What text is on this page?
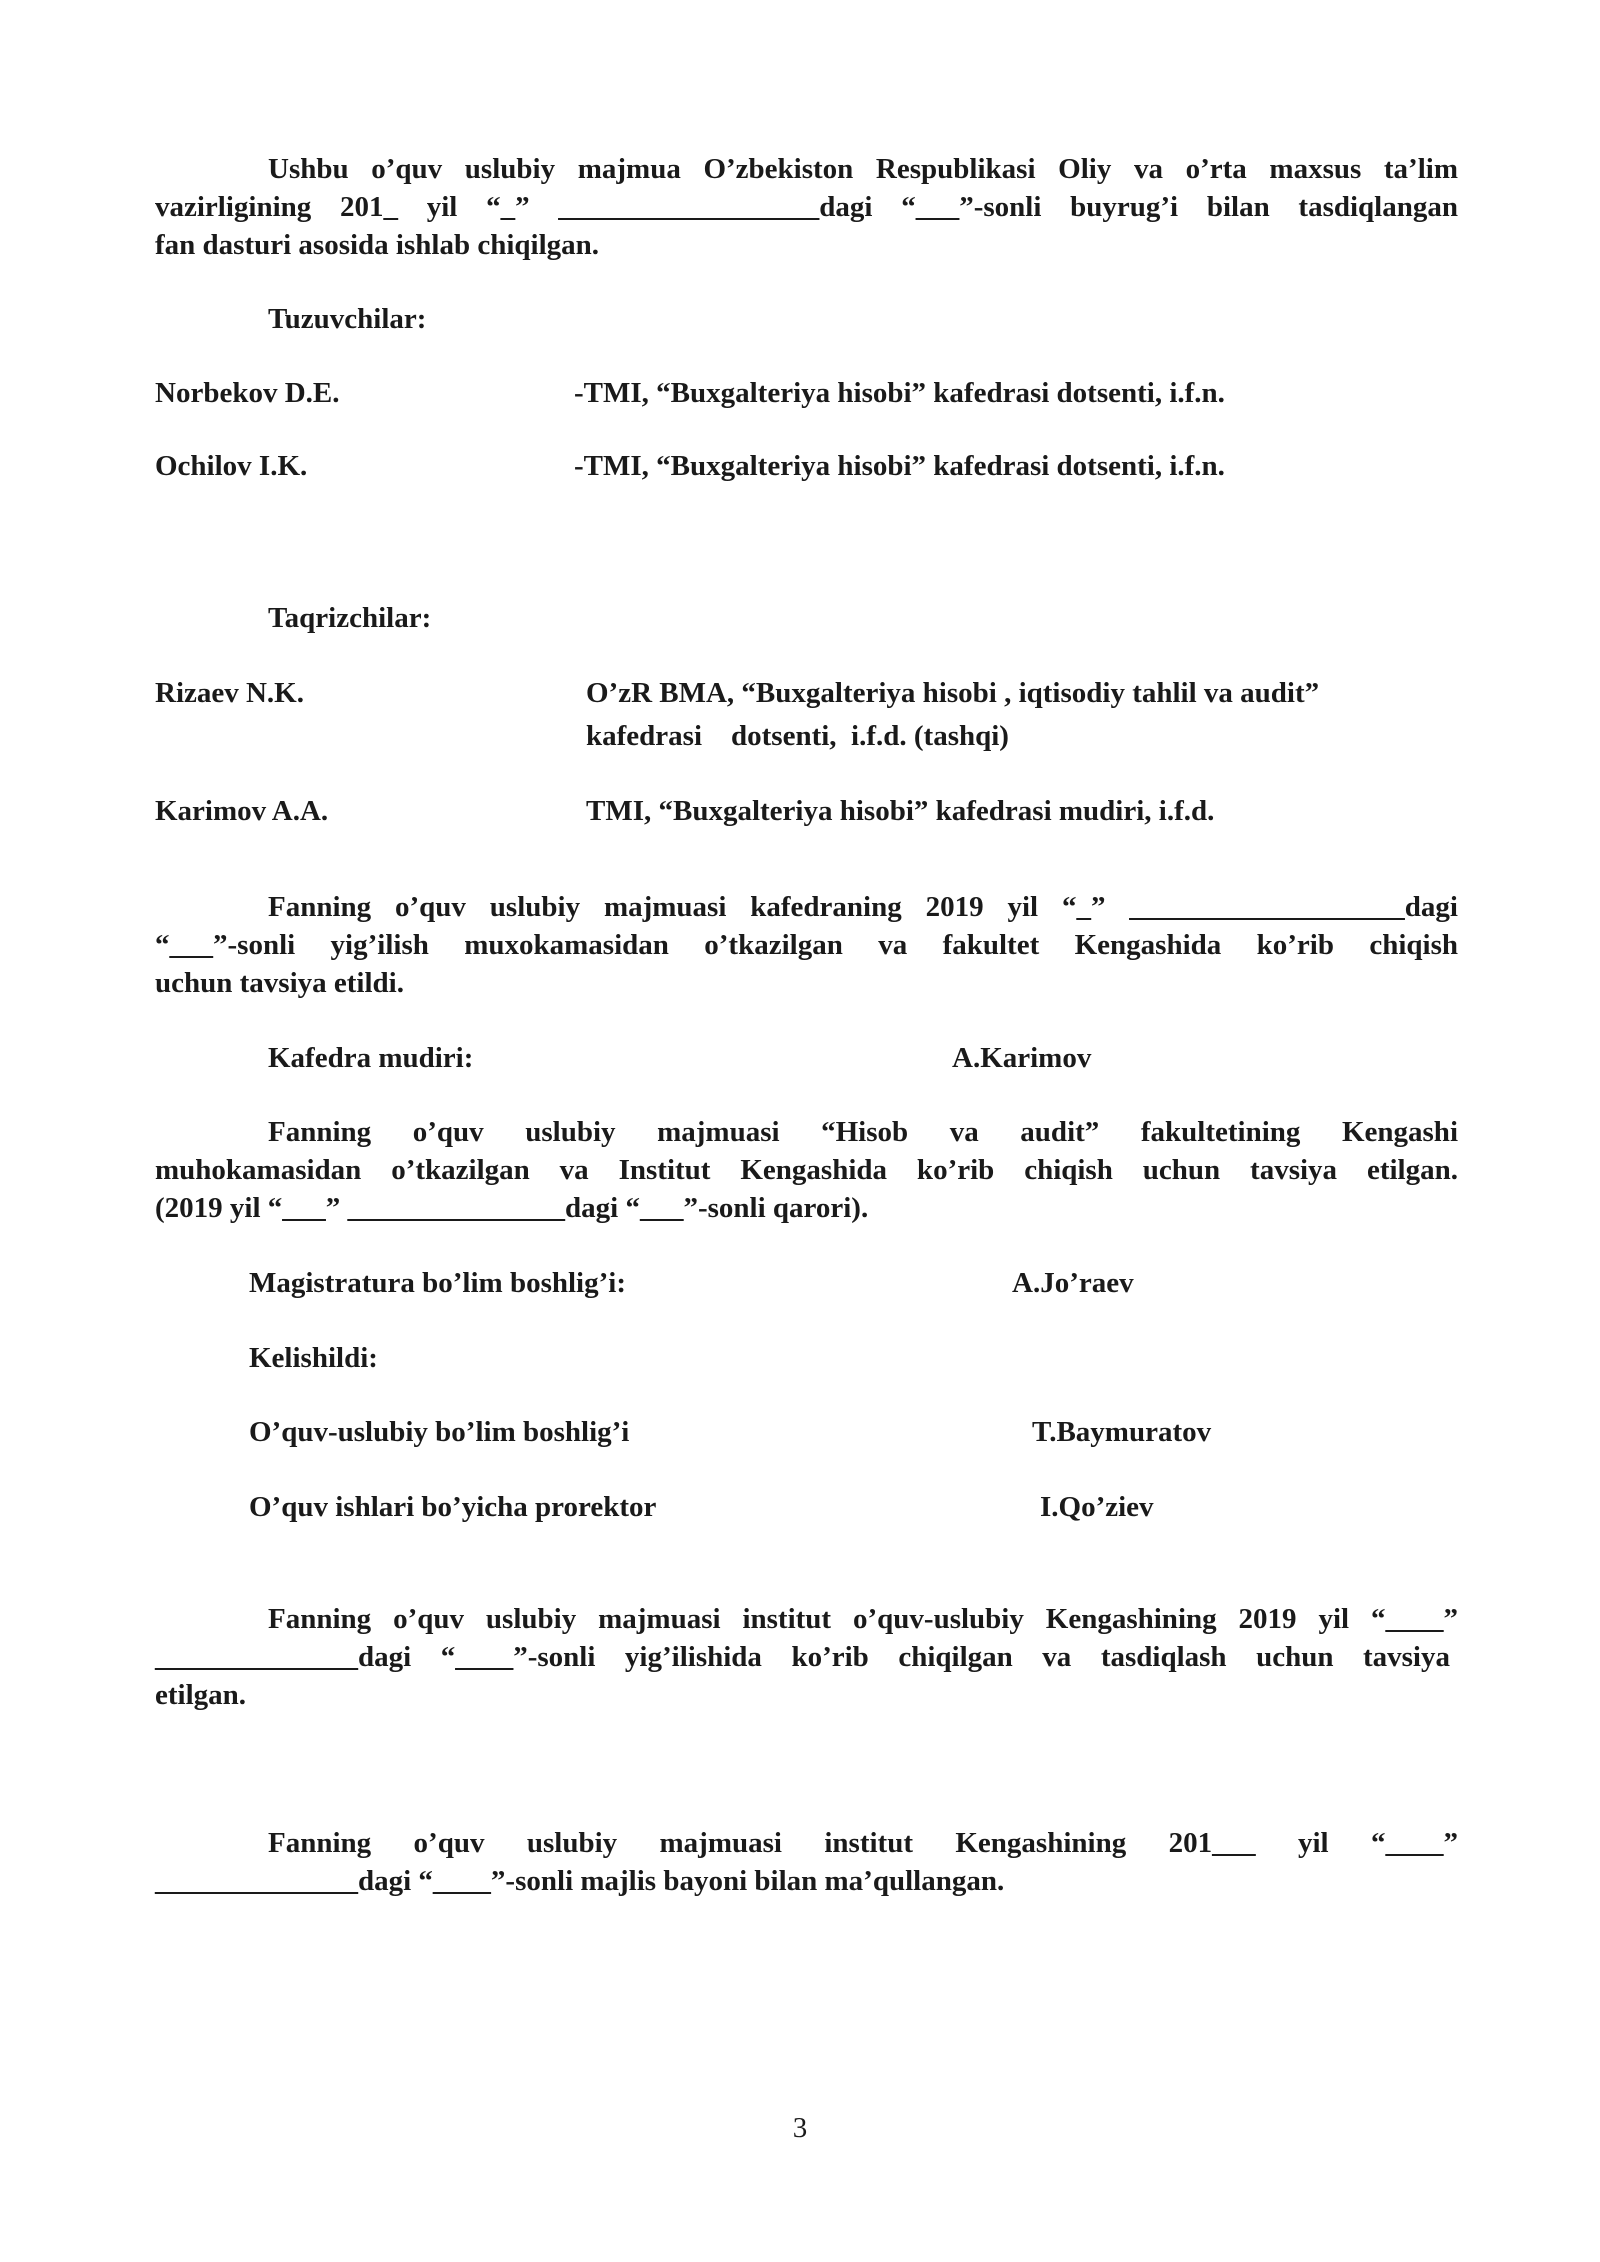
Ushbu o’quv uslubiy majmua O’zbekiston Respublikasi Oliy va o’rta maxsus ta’lim
vazirligining 201_ yil “_” __________________dagi “___”-sonli buyrug’i bilan tasdiqlangan
fan dasturi asosida ishlab chiqilgan.
Tuzuvchilar:
Norbekov D.E.	-TMI, “Buxgalteriya hisobi” kafedrasi dotsenti, i.f.n.
Ochilov I.K.	-TMI, “Buxgalteriya hisobi” kafedrasi dotsenti, i.f.n.
Taqrizchilar:
Rizaev N.K.	O’zR BMA, “Buxgalteriya hisobi , iqtisodiy tahlil va audit”
kafedrasi    dotsenti,  i.f.d. (tashqi)
Karimov A.A.	TMI, “Buxgalteriya hisobi” kafedrasi mudiri, i.f.d.
Fanning o’quv uslubiy majmuasi kafedraning 2019 yil “_” ___________________dagi
“___”-sonli yig’ilish muxokamasidan o’tkazilgan va fakultet Kengashida ko’rib chiqish
uchun tavsiya etildi.
Kafedra mudiri:	A.Karimov
Fanning o’quv uslubiy majmuasi “Hisob va audit” fakultetining Kengashi
muhokamasidan o’tkazilgan va Institut Kengashida ko’rib chiqish uchun tavsiya etilgan.
(2019 yil “___” _______________dagi “___”-sonli qarori).
Magistratura bo’lim boshlig’i:	A.Jo’raev
Kelishildi:
O’quv-uslubiy bo’lim boshlig’i	T.Baymuratov
O’quv ishlari bo’yicha prorektor	I.Qo’ziev
Fanning o’quv uslubiy majmuasi institut o’quv-uslubiy Kengashining 2019 yil “____”
______________dagi “____”-sonli yig’ilishida ko’rib chiqilgan va tasdiqlash uchun tavsiya
etilgan.
Fanning o’quv uslubiy majmuasi institut Kengashining 201___ yil “____”
______________dagi “____”-sonli majlis bayoni bilan ma’qullangan.
3
